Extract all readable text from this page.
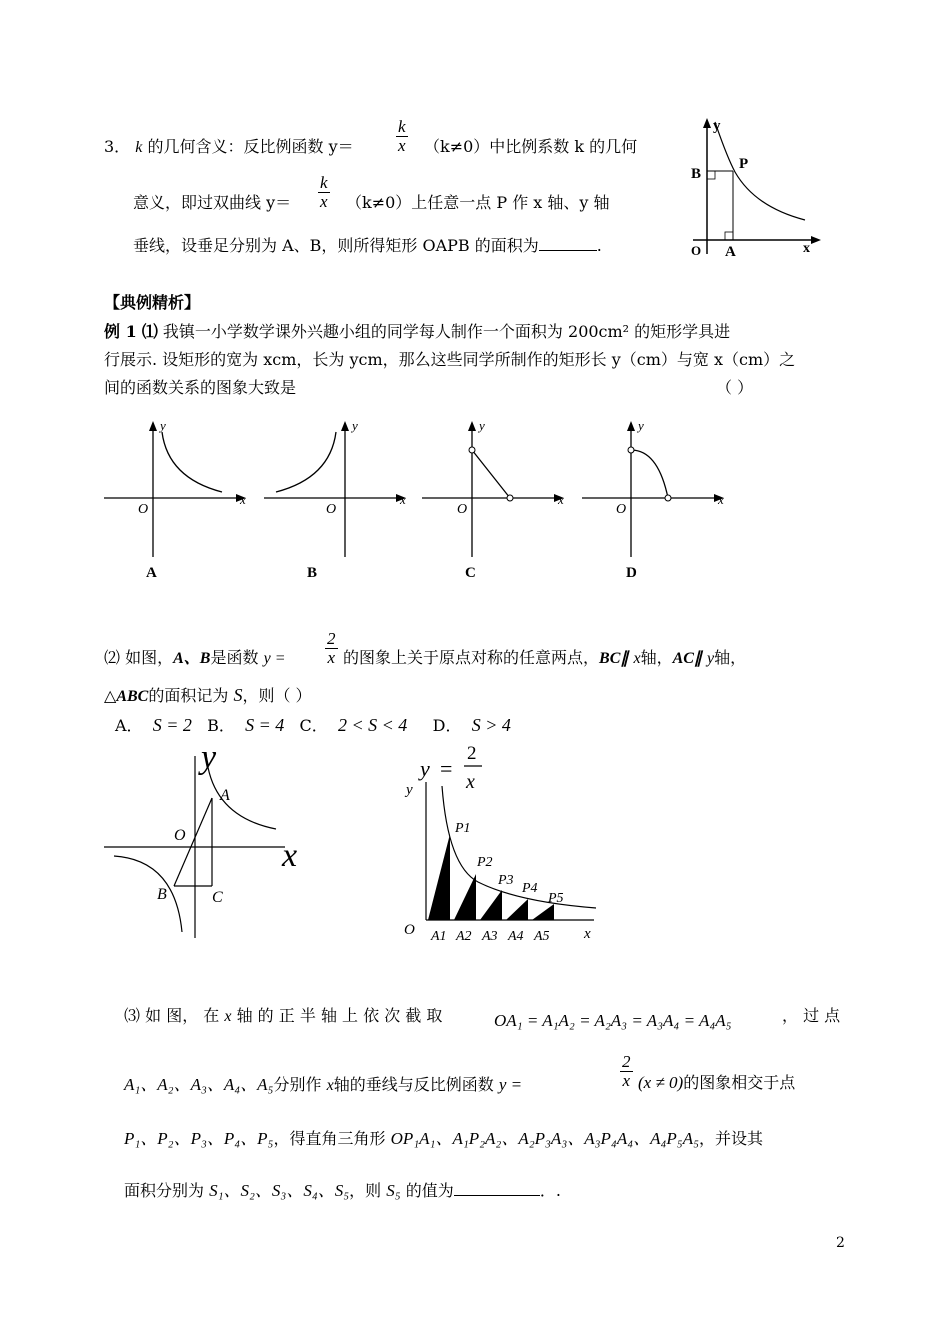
3． k 的几何含义：反比例函数 $y= \frac{k}{x} (k\ne 0)$中比例系数 k 的几何
意义，即过双曲线 $y= \frac{k}{x} (k\ne 0)$上任意一点 P 作 x 轴、y 轴
垂线，设垂足分别为 A、B，则所得矩形 OAPB 的面积为	.
y
x
O A
B
P
【典例精析】
例 1 ⑴ 我镇一小学数学课外兴趣小组的同学每人制作一个面积为 200cm² 的矩形学具进
行展示. 设矩形的宽为 xcm，长为 ycm，那么这些同学所制作的矩形长 y（cm）与宽 x（cm）之
间的函数关系的图象大致是	（ ）
y
x
O
A
y
x
O
B
y
x
O
C
y
x
O
D
⑵ 如图，A、B是函数 $y = \frac{2}{x}$ 的图象上关于原点对称的任意两点，BC∥ x轴，AC∥ y轴，
△ABC的面积记为 S，则（ ）
A． S = 2 B． S = 4 C． 2 < S < 4 D． S > 4
y
x
O
A
B	C
y =
2
x
y
x
O
P1
P2
P3
P4
P5
A1 A2 A3 A4 A5
⑶ 如 图， 在 x 轴 的 正 半 轴 上 依 次 截 取	OA₁ = A₁A₂ = A₂A₃ = A₃A₄ = A₄A₅	， 过 点
A₁、A₂、A₃、A₄、A₅分别作 x轴的垂线与反比例函数 y =	$\frac{2}{x} (x \ne 0)$的图象相交于点
P₁、P₂、P₃、P₄、P₅，得直角三角形 OP₁A₁、A₁P₂A₂、A₂P₃A₃、A₃P₄A₄、A₄P₅A₅，并设其
面积分别为 S₁、S₂、S₃、S₄、S₅，则 S₅ 的值为	．.
2
